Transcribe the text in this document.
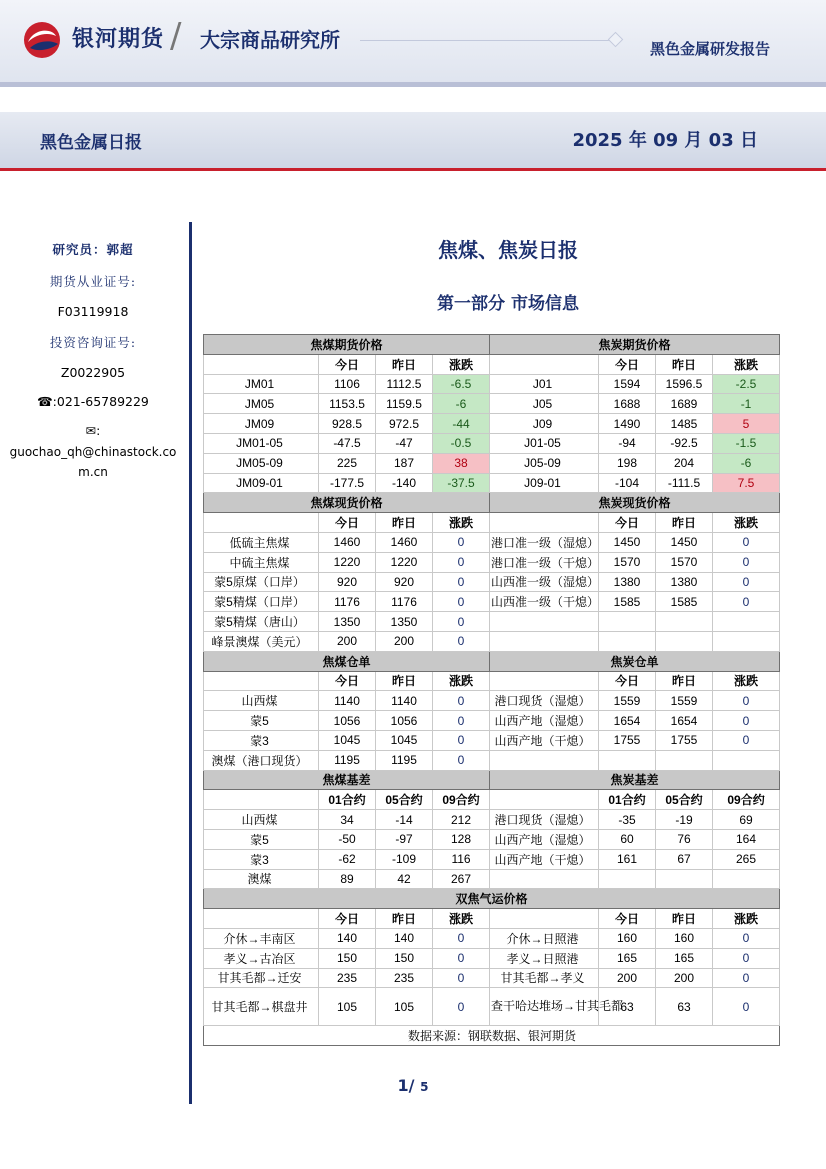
银河期货 / 大宗商品研究所	黑色金属研发报告
黑色金属日报	2025 年 09 月 03 日
研究员：郭超
期货从业证号:
F03119918
投资咨询证号:
Z0022905
☎:021-65789229
✉:
guochao_qh@chinastock.com.cn
焦煤、焦炭日报
第一部分 市场信息
焦煤期货价格				焦炭期货价格			
	今日	昨日	涨跌		今日	昨日	涨跌
JM01	1106	1112.5	-6.5	J01	1594	1596.5	-2.5
JM05	1153.5	1159.5	-6	J05	1688	1689	-1
JM09	928.5	972.5	-44	J09	1490	1485	5
JM01-05	-47.5	-47	-0.5	J01-05	-94	-92.5	-1.5
JM05-09	225	187	38	J05-09	198	204	-6
JM09-01	-177.5	-140	-37.5	J09-01	-104	-111.5	7.5
焦煤现货价格				焦炭现货价格			
	今日	昨日	涨跌		今日	昨日	涨跌
低硫主焦煤	1460	1460	0	港口准一级（湿熄）	1450	1450	0
中硫主焦煤	1220	1220	0	港口准一级（干熄）	1570	1570	0
蒙5原煤（口岸）	920	920	0	山西准一级（湿熄）	1380	1380	0
蒙5精煤（口岸）	1176	1176	0	山西准一级（干熄）	1585	1585	0
蒙5精煤（唐山）	1350	1350	0				
峰景澳煤（美元）	200	200	0				
焦煤仓单				焦炭仓单			
	今日	昨日	涨跌		今日	昨日	涨跌
山西煤	1140	1140	0	港口现货（湿熄）	1559	1559	0
蒙5	1056	1056	0	山西产地（湿熄）	1654	1654	0
蒙3	1045	1045	0	山西产地（干熄）	1755	1755	0
澳煤（港口现货）	1195	1195	0				
焦煤基差				焦炭基差			
	01合约	05合约	09合约		01合约	05合约	09合约
山西煤	34	-14	212	港口现货（湿熄）	-35	-19	69
蒙5	-50	-97	128	山西产地（湿熄）	60	76	164
蒙3	-62	-109	116	山西产地（干熄）	161	67	265
澳煤	89	42	267				
双焦气运价格							
	今日	昨日	涨跌		今日	昨日	涨跌
介休→丰南区	140	140	0	介休→日照港	160	160	0
孝义→古冶区	150	150	0	孝义→日照港	165	165	0
甘其毛都→迁安	235	235	0	甘其毛都→孝义	200	200	0
甘其毛都→棋盘井	105	105	0	查干哈达堆场→甘其毛都	63	63	0
数据来源：钢联数据、银河期货							
1/ 5
